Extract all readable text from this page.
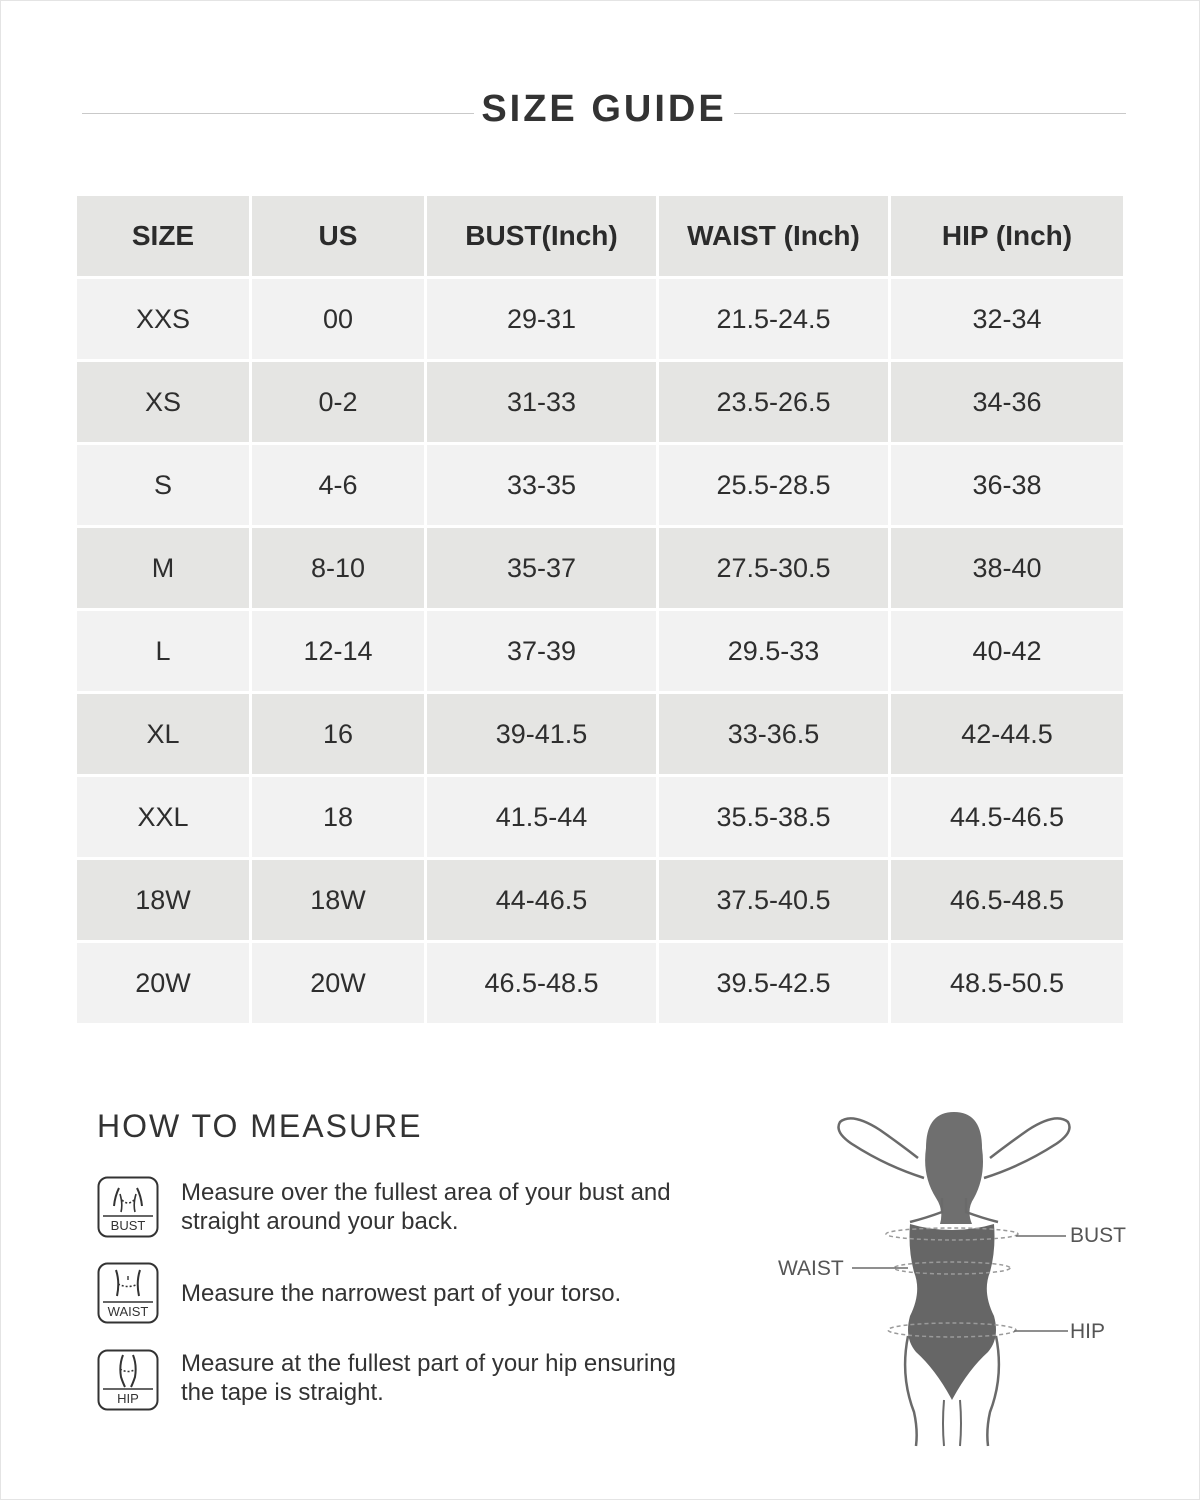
SIZE GUIDE
SIZE	US	BUST(Inch)	WAIST (Inch)	HIP (Inch)
XXS	00	29-31	21.5-24.5	32-34
XS	0-2	31-33	23.5-26.5	34-36
S	4-6	33-35	25.5-28.5	36-38
M	8-10	35-37	27.5-30.5	38-40
L	12-14	37-39	29.5-33	40-42
XL	16	39-41.5	33-36.5	42-44.5
XXL	18	41.5-44	35.5-38.5	44.5-46.5
18W	18W	44-46.5	37.5-40.5	46.5-48.5
20W	20W	46.5-48.5	39.5-42.5	48.5-50.5
HOW TO MEASURE
BUST
Measure over the fullest area of your bust and
straight around your back.
WAIST
Measure the narrowest part of your torso.
HIP
Measure at the fullest part of your hip ensuring
the tape is straight.
BUST
WAIST
HIP
